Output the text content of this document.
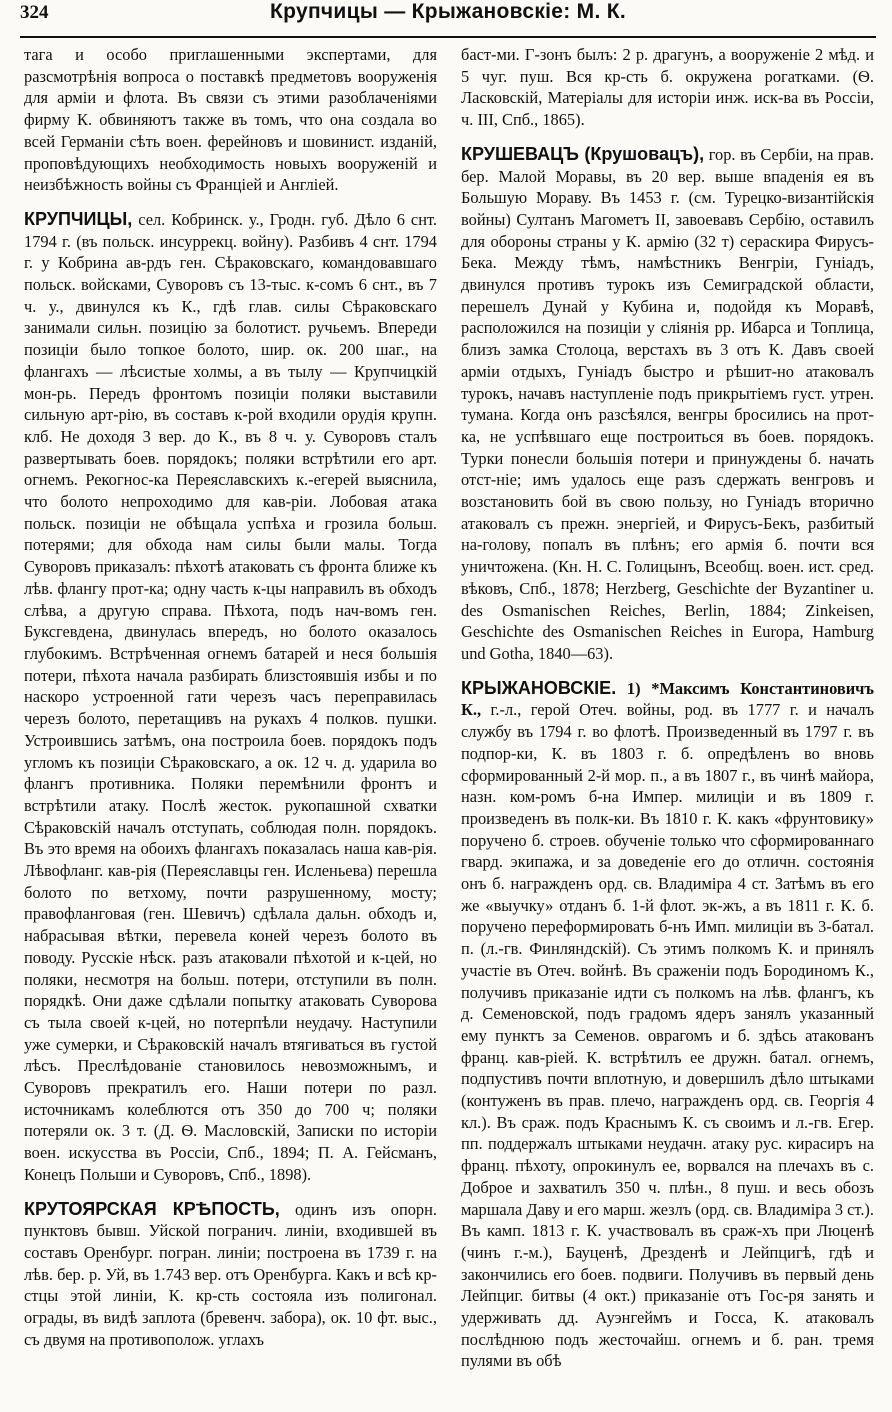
324	Крупчицы — Крыжановскіе: М. К.

тага и особо приглашенными экспертами, для разсмотрѣнія вопроса о поставкѣ предметовъ вооруженія для арміи и флота. Въ связи съ этими разоблаченіями фирму К. обвиняютъ также въ томъ, что она создала во всей Германіи сѣть воен. ферейновъ и шовинист. изданій, проповѣдующихъ необходимость новыхъ вооруженій и неизбѣжность войны съ Франціей и Англіей.

КРУПЧИЦЫ, сел. Кобринск. у., Гродн. губ. Дѣло 6 снт. 1794 г. (въ польск. инсуррекц. войну). Разбивъ 4 снт. 1794 г. у Кобрина ав-рдъ ген. Сѣраковскаго, командовавшаго польск. войсками, Суворовъ съ 13-тыс. к-сомъ 6 снт., въ 7 ч. у., двинулся къ К., гдѣ глав. силы Сѣраковскаго занимали сильн. позицію за болотист. ручьемъ. Впереди позиціи было топкое болото, шир. ок. 200 шаг., на флангахъ — лѣсистые холмы, а въ тылу — Крупчицкій мон-рь. Передъ фронтомъ позиціи поляки выставили сильную арт-рію, въ составъ к-рой входили орудія крупн. клб. Не доходя 3 вер. до К., въ 8 ч. у. Суворовъ сталъ развертывать боев. порядокъ; поляки встрѣтили его арт. огнемъ. Рекогнос-ка Переяславскихъ к.-егерей выяснила, что болото непроходимо для кав-ріи. Лобовая атака польск. позиціи не обѣщала успѣха и грозила больш. потерями; для обхода нам силы были малы. Тогда Суворовъ приказалъ: пѣхотѣ атаковать съ фронта ближе къ лѣв. флангу прот-ка; одну часть к-цы направилъ въ обходъ слѣва, а другую справа. Пѣхота, подъ нач-вомъ ген. Буксгевдена, двинулась впередъ, но болото оказалось глубокимъ. Встрѣченная огнемъ батарей и неся большія потери, пѣхота начала разбирать близстоявшія избы и по наскоро устроенной гати черезъ часъ переправилась черезъ болото, перетащивъ на рукахъ 4 полков. пушки. Устроившись затѣмъ, она построила боев. порядокъ подъ угломъ къ позиціи Сѣраковскаго, а ок. 12 ч. д. ударила во флангъ противника. Поляки перемѣнили фронтъ и встрѣтили атаку. Послѣ жесток. рукопашной схватки Сѣраковскій началъ отступать, соблюдая полн. порядокъ. Въ это время на обоихъ флангахъ показалась наша кав-рія. Лѣвофланг. кав-рія (Переяславцы ген. Исленьева) перешла болото по ветхому, почти разрушенному, мосту; правофланговая (ген. Шевичъ) сдѣлала дальн. обходъ и, набрасывая вѣтки, перевела коней черезъ болото въ поводу. Русскіе нѣск. разъ атаковали пѣхотой и к-цей, но поляки, несмотря на больш. потери, отступили въ полн. порядкѣ. Они даже сдѣлали попытку атаковать Суворова съ тыла своей к-цей, но потерпѣли неудачу. Наступили уже сумерки, и Сѣраковскій началъ втягиваться въ густой лѣсъ. Преслѣдованіе становилось невозможнымъ, и Суворовъ прекратилъ его. Наши потери по разл. источникамъ колеблются отъ 350 до 700 ч; поляки потеряли ок. 3 т. (Д. Ѳ. Масловскій, Записки по исторіи воен. искусства въ Россіи, Спб., 1894; П. А. Гейсманъ, Конецъ Польши и Суворовъ, Спб., 1898).

КРУТОЯРСКАЯ КРѢПОСТЬ, одинъ изъ опорн. пунктовъ бывш. Уйской погранич. линіи, входившей въ составъ Оренбург. погран. линіи; построена въ 1739 г. на лѣв. бер. р. Уй, въ 1.743 вер. отъ Оренбурга. Какъ и всѣ кр-стцы этой линіи, К. кр-сть состояла изъ полигонал. ограды, въ видѣ заплота (бревенч. забора), ок. 10 фт. выс., съ двумя на противополож. углахъ

баст-ми. Г-зонъ былъ: 2 р. драгунъ, а вооруженіе 2 мѣд. и 5 чуг. пуш. Вся кр-сть б. окружена рогатками. (Ѳ. Ласковскій, Матеріалы для исторіи инж. иск-ва въ Россіи, ч. III, Спб., 1865).

КРУШЕВАЦЪ (Крушовацъ), гор. въ Сербіи, на прав. бер. Малой Моравы, въ 20 вер. выше впаденія ея въ Большую Мораву. Въ 1453 г. (см. Турецко-византійскія войны) Султанъ Магометъ II, завоевавъ Сербію, оставилъ для обороны страны у К. армію (32 т) сераскира Фирусъ-Бека. Между тѣмъ, намѣстникъ Венгріи, Гуніадъ, двинулся противъ турокъ изъ Семиградской области, перешелъ Дунай у Кубина и, подойдя къ Моравѣ, расположился на позиціи у сліянія рр. Ибарса и Топлица, близъ замка Столоца, верстахъ въ 3 отъ К. Давъ своей арміи отдыхъ, Гуніадъ быстро и рѣшит-но атаковалъ турокъ, начавъ наступленіе подъ прикрытіемъ густ. утрен. тумана. Когда онъ разсѣялся, венгры бросились на прот-ка, не успѣвшаго еще построиться въ боев. порядокъ. Турки понесли большія потери и принуждены б. начать отст-ніе; имъ удалось еще разъ сдержать венгровъ и возстановить бой въ свою пользу, но Гуніадъ вторично атаковалъ съ прежн. энергіей, и Фирусъ-Бекъ, разбитый на-голову, попалъ въ плѣнъ; его армія б. почти вся уничтожена. (Кн. Н. С. Голицынъ, Всеобщ. воен. ист. сред. вѣковъ, Спб., 1878; Herzberg, Geschichte der Byzantiner u. des Osmanischen Reiches, Berlin, 1884; Zinkeisen, Geschichte des Osmanischen Reiches in Europa, Hamburg und Gotha, 1840—63).

КРЫЖАНОВСКІЕ. 1) *Максимъ Константиновичъ К., г.-л., герой Отеч. войны, род. въ 1777 г. и началъ службу въ 1794 г. во флотѣ. Произведенный въ 1797 г. въ подпор-ки, К. въ 1803 г. б. опредѣленъ во вновь сформированный 2-й мор. п., а въ 1807 г., въ чинѣ майора, назн. ком-ромъ б-на Импер. милиціи и въ 1809 г. произведенъ въ полк-ки. Въ 1810 г. К. какъ «фрунтовику» поручено б. строев. обученіе только что сформированнаго гвард. экипажа, и за доведеніе его до отличн. состоянія онъ б. награжденъ орд. св. Владиміра 4 ст. Затѣмъ въ его же «выучку» отданъ б. 1-й флот. эк-жъ, а въ 1811 г. К. б. поручено переформировать б-нъ Имп. милиціи въ 3-батал. п. (л.-гв. Финляндскій). Съ этимъ полкомъ К. и принялъ участіе въ Отеч. войнѣ. Въ сраженіи подъ Бородиномъ К., получивъ приказаніе идти съ полкомъ на лѣв. флангъ, къ д. Семеновской, подъ градомъ ядеръ занялъ указанный ему пунктъ за Семенов. оврагомъ и б. здѣсь атакованъ франц. кав-ріей. К. встрѣтилъ ее дружн. батал. огнемъ, подпустивъ почти вплотную, и довершилъ дѣло штыками (контуженъ въ прав. плечо, награжденъ орд. св. Георгія 4 кл.). Въ сраж. подъ Краснымъ К. съ своимъ и л.-гв. Егер. пп. поддержалъ штыками неудачн. атаку рус. кирасиръ на франц. пѣхоту, опрокинулъ ее, ворвался на плечахъ въ с. Доброе и захватилъ 350 ч. плѣн., 8 пуш. и весь обозъ маршала Даву и его марш. жезлъ (орд. св. Владиміра 3 ст.). Въ камп. 1813 г. К. участвовалъ въ сраж-хъ при Люценѣ (чинъ г.-м.), Бауценѣ, Дрезденѣ и Лейпцигѣ, гдѣ и закончились его боев. подвиги. Получивъ въ первый день Лейпциг. битвы (4 окт.) приказаніе отъ Гос-ря занять и удерживать дд. Ауэнгеймъ и Госса, К. атаковалъ послѣднюю подъ жесточайш. огнемъ и б. ран. тремя пулями въ обѣ
